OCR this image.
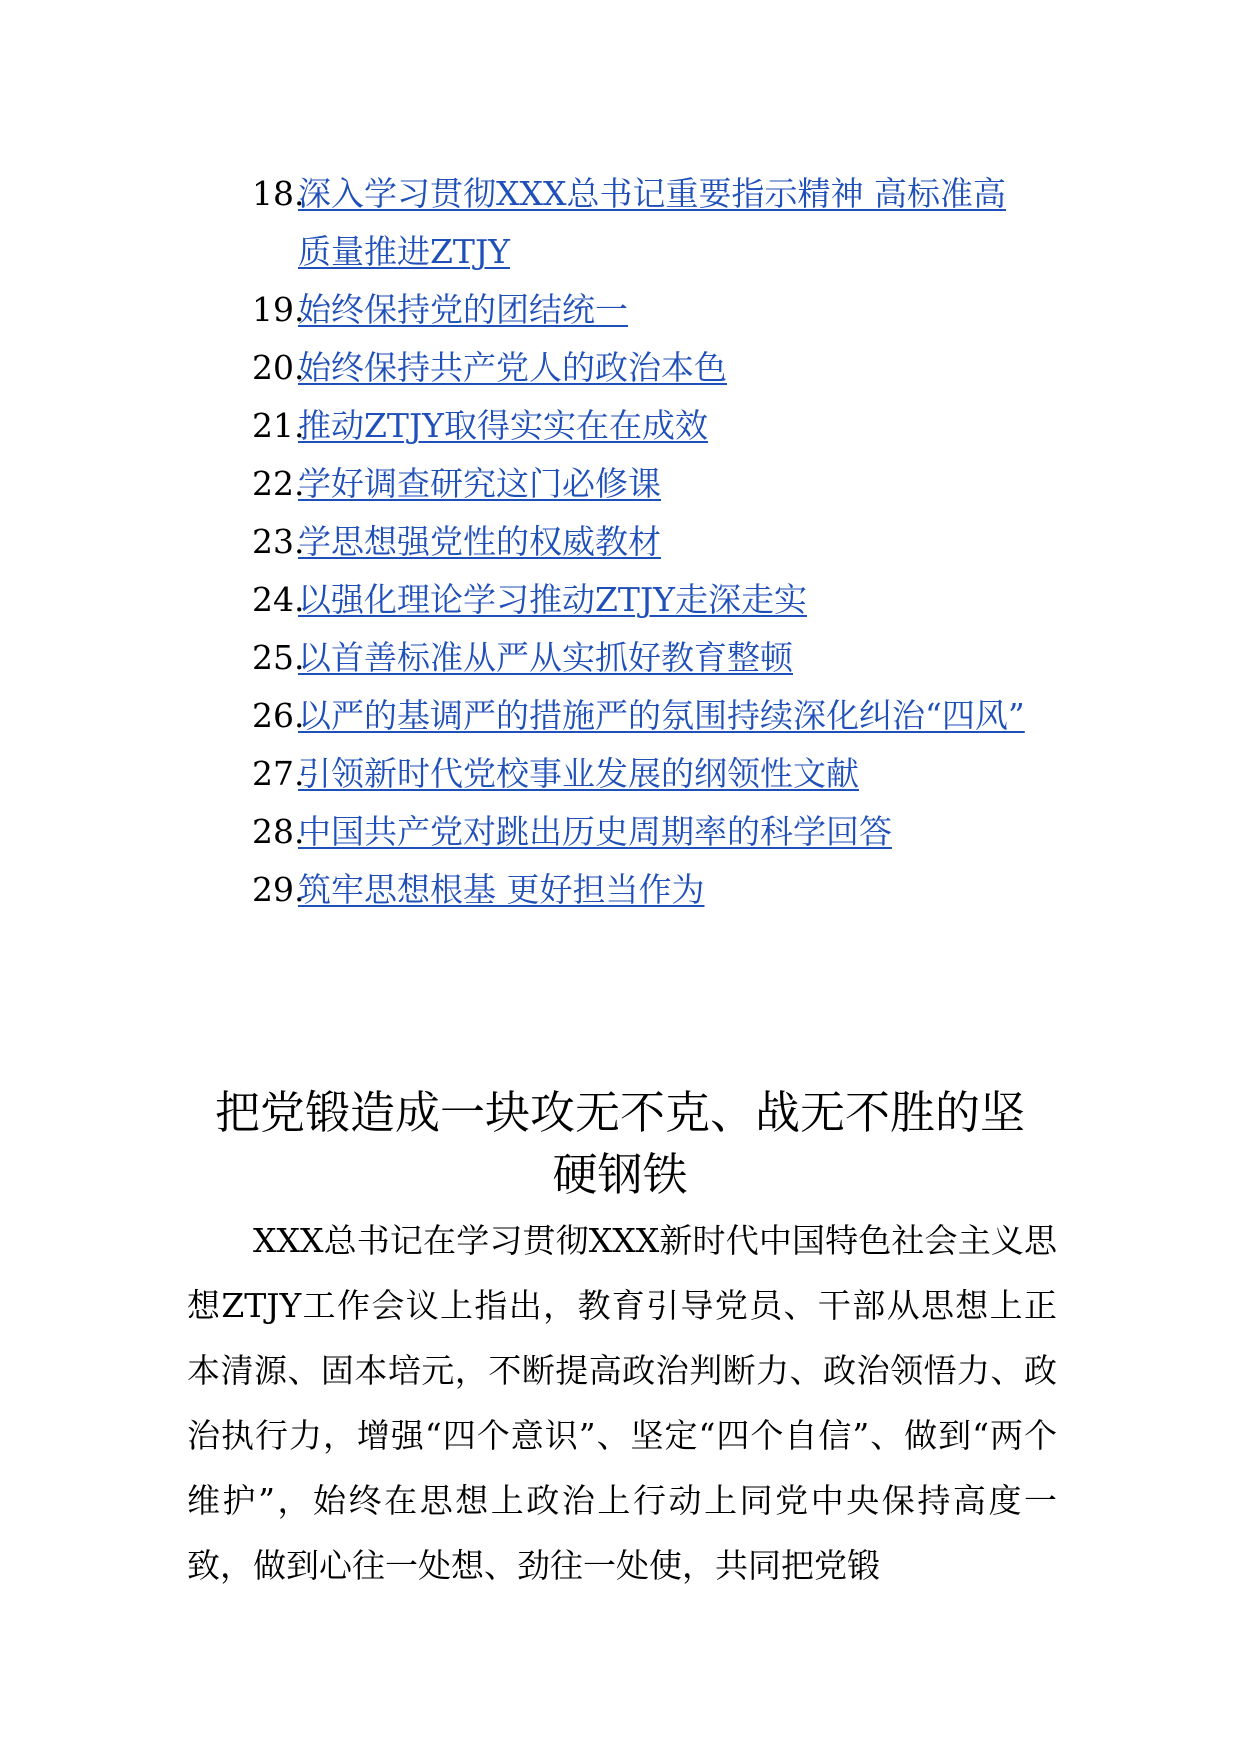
18.
深入学习贯彻XXX总书记重要指示精神 高标准高质量推进ZTJY
19.
始终保持党的团结统一
20.
始终保持共产党人的政治本色
21.
推动ZTJY取得实实在在成效
22.
学好调查研究这门必修课
23.
学思想强党性的权威教材
24.
以强化理论学习推动ZTJY走深走实
25.
以首善标准从严从实抓好教育整顿
26.
以严的基调严的措施严的氛围持续深化纠治“四风”
27.
引领新时代党校事业发展的纲领性文献
28.
中国共产党对跳出历史周期率的科学回答
29.
筑牢思想根基 更好担当作为
把党锻造成一块攻无不克、战无不胜的坚硬钢铁

XXX总书记在学习贯彻XXX新时代中国特色社会主义思想ZTJY工作会议上指出，教育引导党员、干部从思想上正本清源、固本培元，不断提高政治判断力、政治领悟力、政治执行力，增强“四个意识”、坚定“四个自信”、做到“两个维护”，始终在思想上政治上行动上同党中央保持高度一致，做到心往一处想、劲往一处使，共同把党锻
